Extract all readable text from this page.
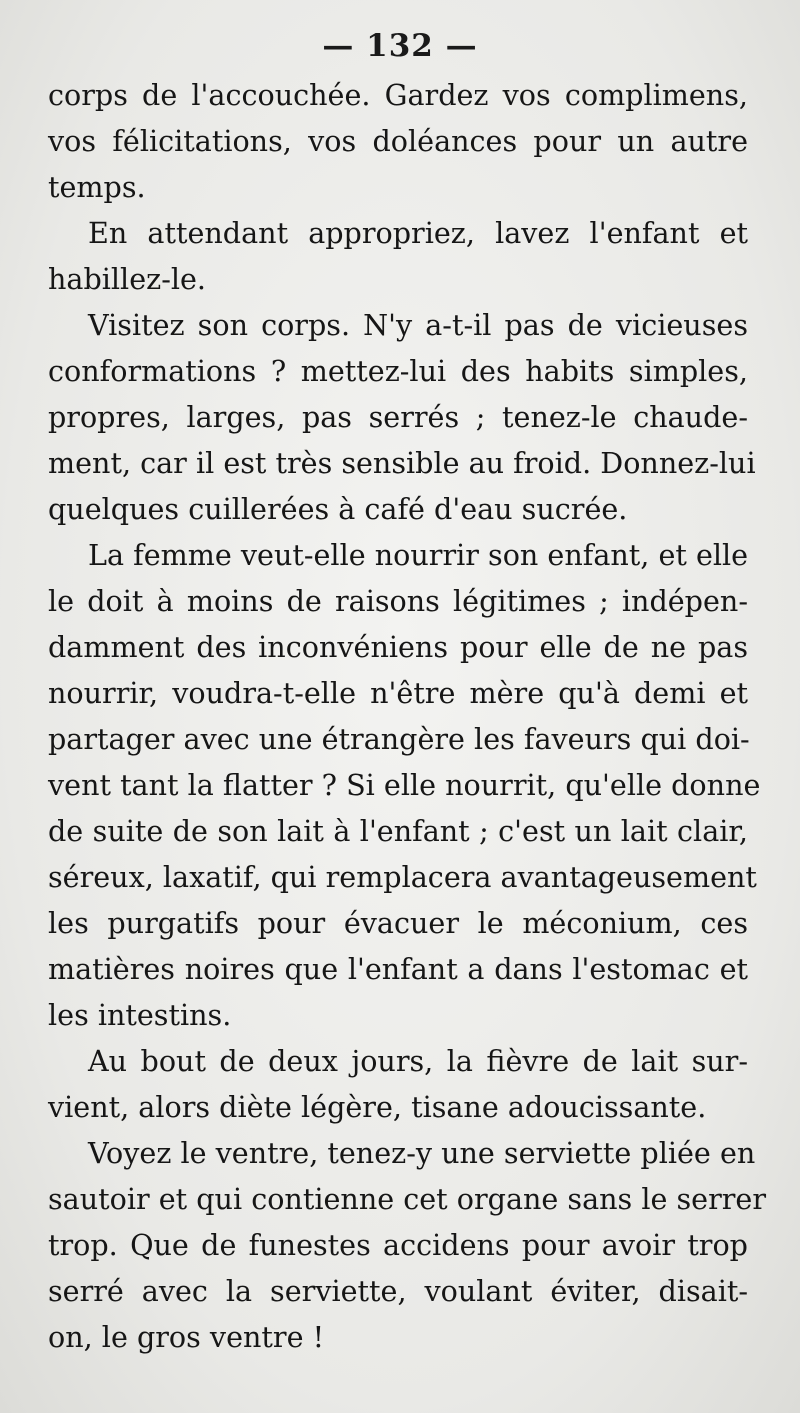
— 132 —
corps de l'accouchée. Gardez vos complimens,
vos félicitations, vos doléances pour un autre
temps.
En attendant appropriez, lavez l'enfant et
habillez-le.
Visitez son corps. N'y a-t-il pas de vicieuses
conformations ? mettez-lui des habits simples,
propres, larges, pas serrés ; tenez-le chaude-
ment, car il est très sensible au froid. Donnez-lui
quelques cuillerées à café d'eau sucrée.
La femme veut-elle nourrir son enfant, et elle
le doit à moins de raisons légitimes ; indépen-
damment des inconvéniens pour elle de ne pas
nourrir, voudra-t-elle n'être mère qu'à demi et
partager avec une étrangère les faveurs qui doi-
vent tant la flatter ? Si elle nourrit, qu'elle donne
de suite de son lait à l'enfant ; c'est un lait clair,
séreux, laxatif, qui remplacera avantageusement
les purgatifs pour évacuer le méconium, ces
matières noires que l'enfant a dans l'estomac et
les intestins.
Au bout de deux jours, la fièvre de lait sur-
vient, alors diète légère, tisane adoucissante.
Voyez le ventre, tenez-y une serviette pliée en
sautoir et qui contienne cet organe sans le serrer
trop. Que de funestes accidens pour avoir trop
serré avec la serviette, voulant éviter, disait-
on, le gros ventre !
